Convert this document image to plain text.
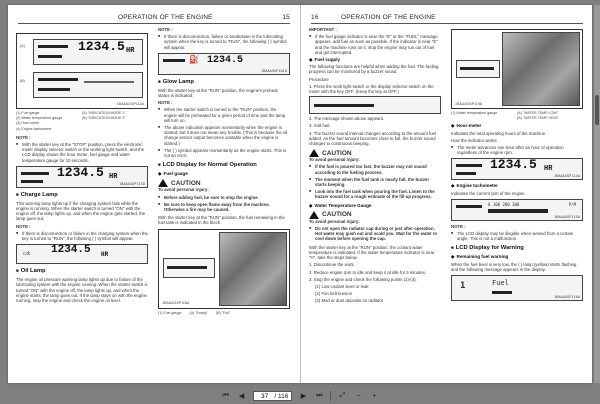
OPERATION OF THE ENGINE	15
(A)
(B)
1234.5 HR
1BAAAGSP113A
(1) Fuel gauge	(A) "INDICATION MODE 1"
(2) Water temperature gauge	(B) "INDICATION MODE 2"
(3) Hour meter
(4) Engine tachometer

NOTE :

■ With the starter key at the "STOP" position, press the electronic meter display selector switch or the working light switch, and the LCD display shows the hour meter, fuel gauge and water temperature gauge for 10 seconds.

1234.5 HR
1BAAAGSP113A

■ Charge Lamp

This warning lamp lights up if the charging system fails while the engine is running. When the starter switch is turned "ON" with the engine off, the lamp lights up, and when the engine gets started, the lamp goes out.

NOTE :

■ If there is disconnection or failure in the charging system when the key is turned to "RUN", the following ( ) symbol will appear.

▭± 1234.5 HR

■ Oil Lamp

The engine oil pressure warning lamp lights up due to failure of the lubricating system with the engine running. When the starter switch is turned "ON" with the engine off, the lamp lights up, and when the engine starts, the lamp goes out. If the lamp stays on with the engine running, stop the engine and check the engine oil level.

NOTE :

■ If there is disconnection, failure or breakdown in the lubricating system when the key is turned to "RUN", the following ( ) symbol will appear.

⛽ 1234.5
1BAAAGSP101A

■ Glow Lamp

With the starter key at the "RUN" position, the engine's preheat status is indicated.

NOTE :

■ When the starter switch is turned to the "RUN" position, the engine will be preheated for a given period of time and the lamp will turn on.

■ The above indication appears momentarily when the engine is started, but it does not mean any trouble. (This is because the oil change sensor output becomes unstable when the engine is started.)

■ The ( ) symbol appears momentarily as the engine starts. This is not an error.

■ LCD Display for Normal Operation

◆ Fuel gauge

CAUTION

To avoid personal injury:

■ Before adding fuel, be sure to stop the engine.

■ Be sure to keep open flame away from the machine. Otherwise a fire may be caused.

With the starter key at the "RUN" position, the fuel remaining in the fuel tank is indicated in the block.

1BAAAGSP118A
(1) Fuel gauge (A) "Empty" (B) "Full"
16	OPERATION OF THE ENGINE

IMPORTANT :

■ If the fuel gauge indicator is near the "E" or the "FUEL" message appears, add fuel as soon as possible. If the indicator is near "E" and the machine runs on it, stop the engine may run out of fuel and get interrupted.

◆ Fuel supply

The following functions are helpful when adding the fuel. The fueling progress can be monitored by a buzzer sound.

Procedure

1. Press the work light switch or the display selector switch on the meter with the key OFF. (Keep the key at OFF.)

2. The message shown above appears.

3. Add fuel.

4. The buzzer sound interval changes according to the amount fuel added. As the fuel amount becomes close to full, the buzzer sound changes to continuous beeping.

CAUTION

To avoid personal injury:

■ If the fuel is poured too fast, the buzzer may not sound according to the fueling process.

■ The moment when the fuel tank is nearly full, the buzzer starts beeping.

■ Look into the fuel tank when pouring the fuel. Listen to the buzzer sound for a rough estimate of the fill-up progress.

◆ Water Temperature Gauge

CAUTION

To avoid personal injury:

■ Do not open the radiator cap during or just after operation. Hot water may gush out and scald you. Wait for the water to cool down before opening the cap.

With the starter key at the "RUN" position, the coolant water temperature is indicated. If the water temperature indicator is near "H", take the steps below.

1. Discontinue the work.

2. Reduce engine rpm to idle and keep it at idle for 5 minutes.

3. Stop the engine and check the following points (1)-(3).

(1) Low coolant level or leak

(2) Fan belt tension

(3) Mud or dust deposits on radiator

1BAAAGSP119A
(1) Water temperature gauge	(A) "WATER TEMP LOW"
(B) "WATER TEMP HIGH"

◆ Hour-meter

Indicates the total operating hours of the machine.

How the indicator works

■ The meter advances one hour after an hour of operation regardless of the engine rpm.

1234.5 HR
1BAAAGSP114A

◆ Engine tachometer

Indicates the current rpm of the engine.

0 100 200 300	P/M
1BAAAGSP115A

NOTE :

■ The LCD display may be illegible when viewed from a certain angle. This is not a malfunction.

■ LCD Display for Warning

◆ Remaining fuel warning

When the fuel level is very low, the ( ) lamp (yellow) starts flashing and the following message appears in the display.

1	Fuel
1BAAAGSP116A
⏮	◀
37	/ 116	▶	⏭	⤢	−	+
